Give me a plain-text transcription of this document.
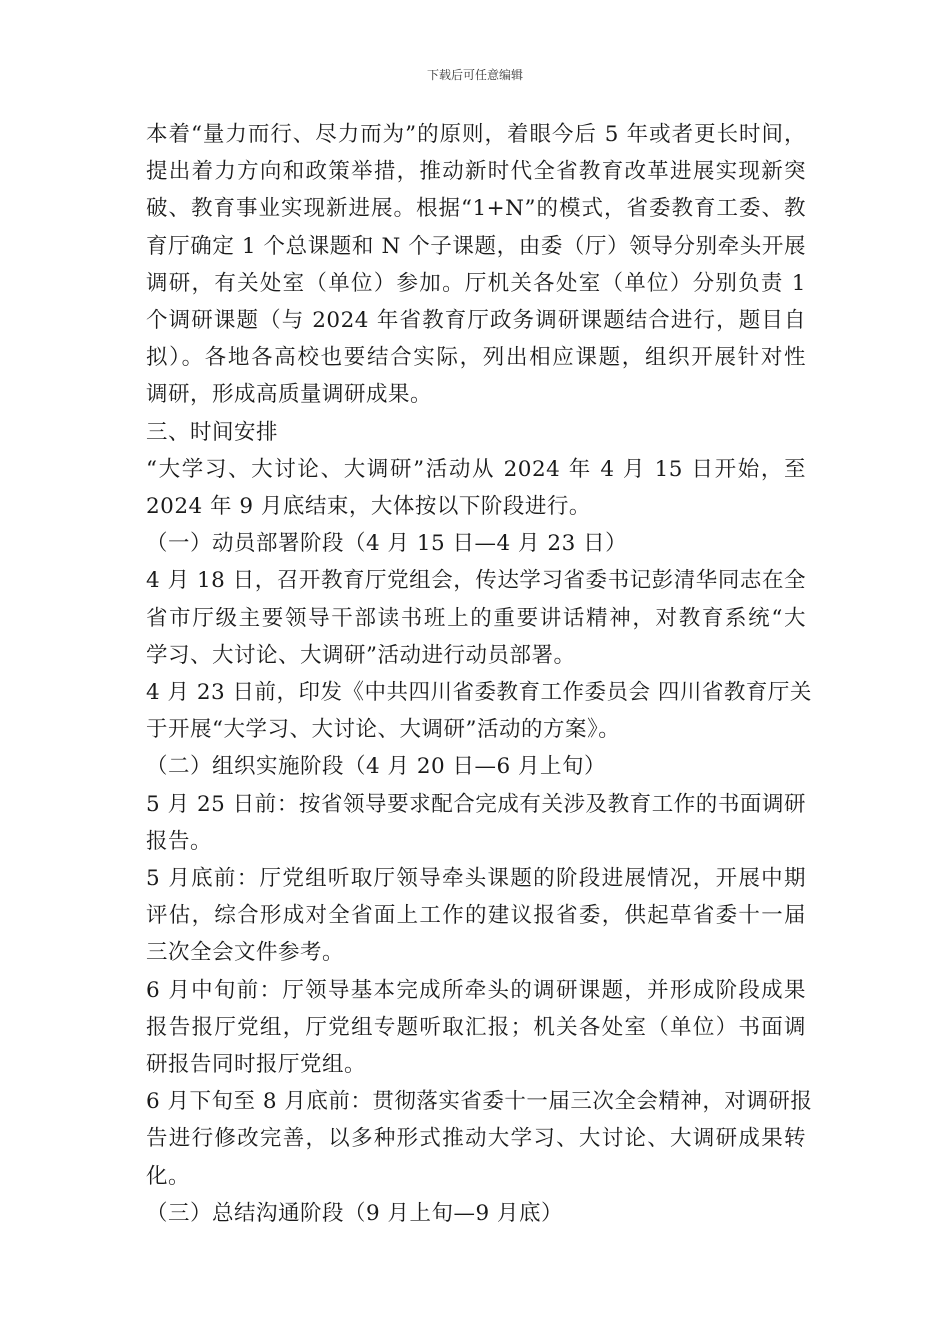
下载后可任意编辑
本着“量力而行、尽力而为”的原则，着眼今后 5 年或者更长时间，
提出着力方向和政策举措，推动新时代全省教育改革进展实现新突
破、教育事业实现新进展。根据“1+N”的模式，省委教育工委、教
育厅确定 1 个总课题和 N 个子课题，由委（厅）领导分别牵头开展
调研，有关处室（单位）参加。厅机关各处室（单位）分别负责 1
个调研课题（与 2024 年省教育厅政务调研课题结合进行，题目自
拟）。各地各高校也要结合实际，列出相应课题，组织开展针对性
调研，形成高质量调研成果。
三、时间安排
“大学习、大讨论、大调研”活动从 2024 年 4 月 15 日开始，至
2024 年 9 月底结束，大体按以下阶段进行。
（一）动员部署阶段（4 月 15 日—4 月 23 日）
4 月 18 日，召开教育厅党组会，传达学习省委书记彭清华同志在全
省市厅级主要领导干部读书班上的重要讲话精神，对教育系统“大
学习、大讨论、大调研”活动进行动员部署。
4 月 23 日前，印发《中共四川省委教育工作委员会 四川省教育厅关
于开展“大学习、大讨论、大调研”活动的方案》。
（二）组织实施阶段（4 月 20 日—6 月上旬）
5 月 25 日前：按省领导要求配合完成有关涉及教育工作的书面调研
报告。
5 月底前：厅党组听取厅领导牵头课题的阶段进展情况，开展中期
评估，综合形成对全省面上工作的建议报省委，供起草省委十一届
三次全会文件参考。
6 月中旬前：厅领导基本完成所牵头的调研课题，并形成阶段成果
报告报厅党组，厅党组专题听取汇报；机关各处室（单位）书面调
研报告同时报厅党组。
6 月下旬至 8 月底前：贯彻落实省委十一届三次全会精神，对调研报
告进行修改完善，以多种形式推动大学习、大讨论、大调研成果转
化。
（三）总结沟通阶段（9 月上旬—9 月底）
